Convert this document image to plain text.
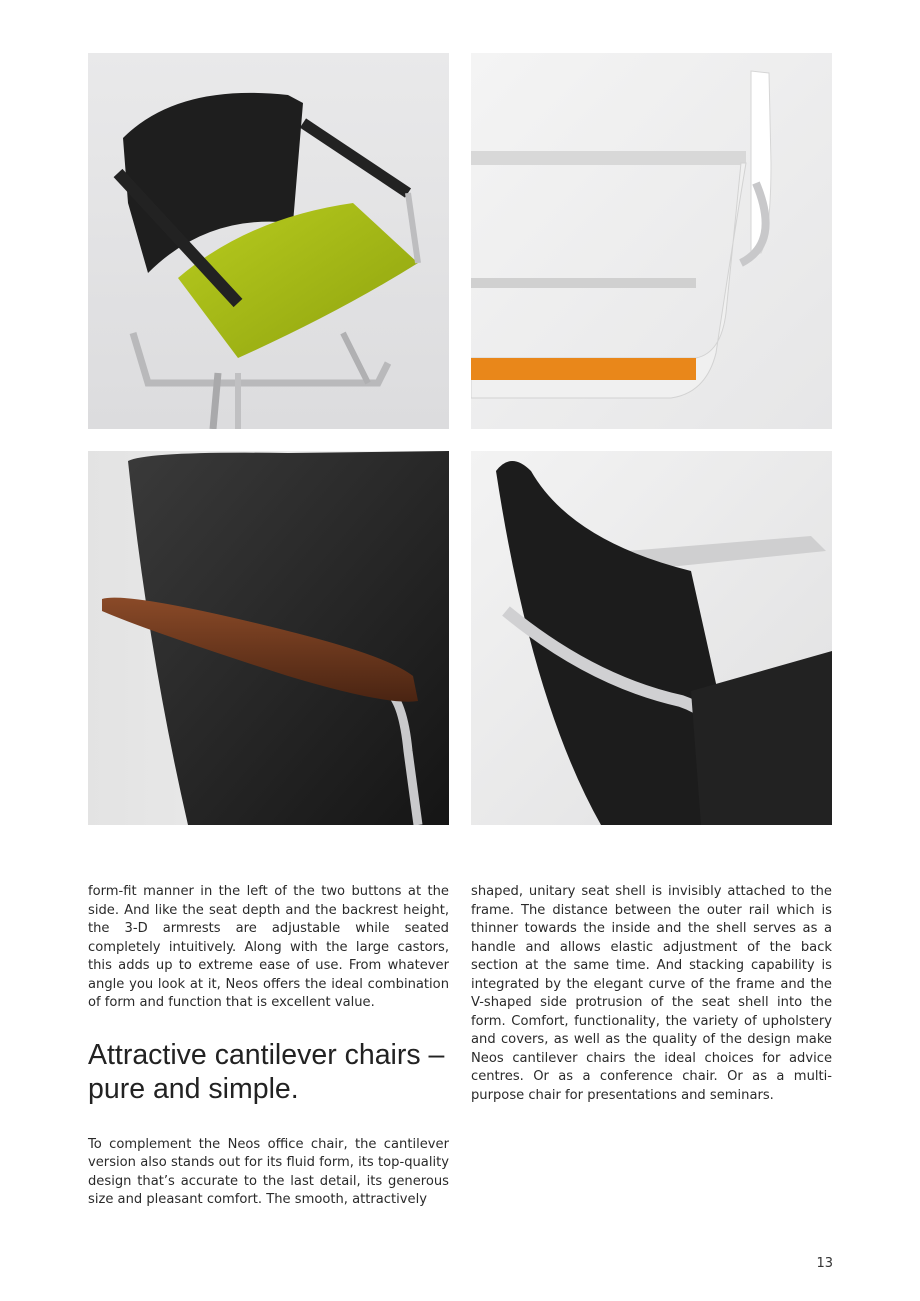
form-fit manner in the left of the two buttons at the side. And like the seat depth and the backrest height, the 3-D armrests are adjustable while seated completely intuitively. Along with the large castors, this adds up to extreme ease of use. From whatever angle you look at it, Neos offers the ideal combination of form and function that is excellent value.

Attractive cantilever chairs – pure and simple.

To complement the Neos office chair, the cantilever version also stands out for its fluid form, its top-quality design that’s accurate to the last detail, its generous size and pleasant comfort. The smooth, attractively

shaped, unitary seat shell is invisibly attached to the frame. The distance between the outer rail which is thinner towards the inside and the shell serves as a handle and allows elastic adjustment of the back section at the same time. And stacking capability is integrated by the elegant curve of the frame and the V-shaped side protrusion of the seat shell into the form. Comfort, functionality, the variety of upholstery and covers, as well as the quality of the design make Neos cantilever chairs the ideal choices for advice centres. Or as a conference chair. Or as a multi-purpose chair for presentations and seminars.

13
